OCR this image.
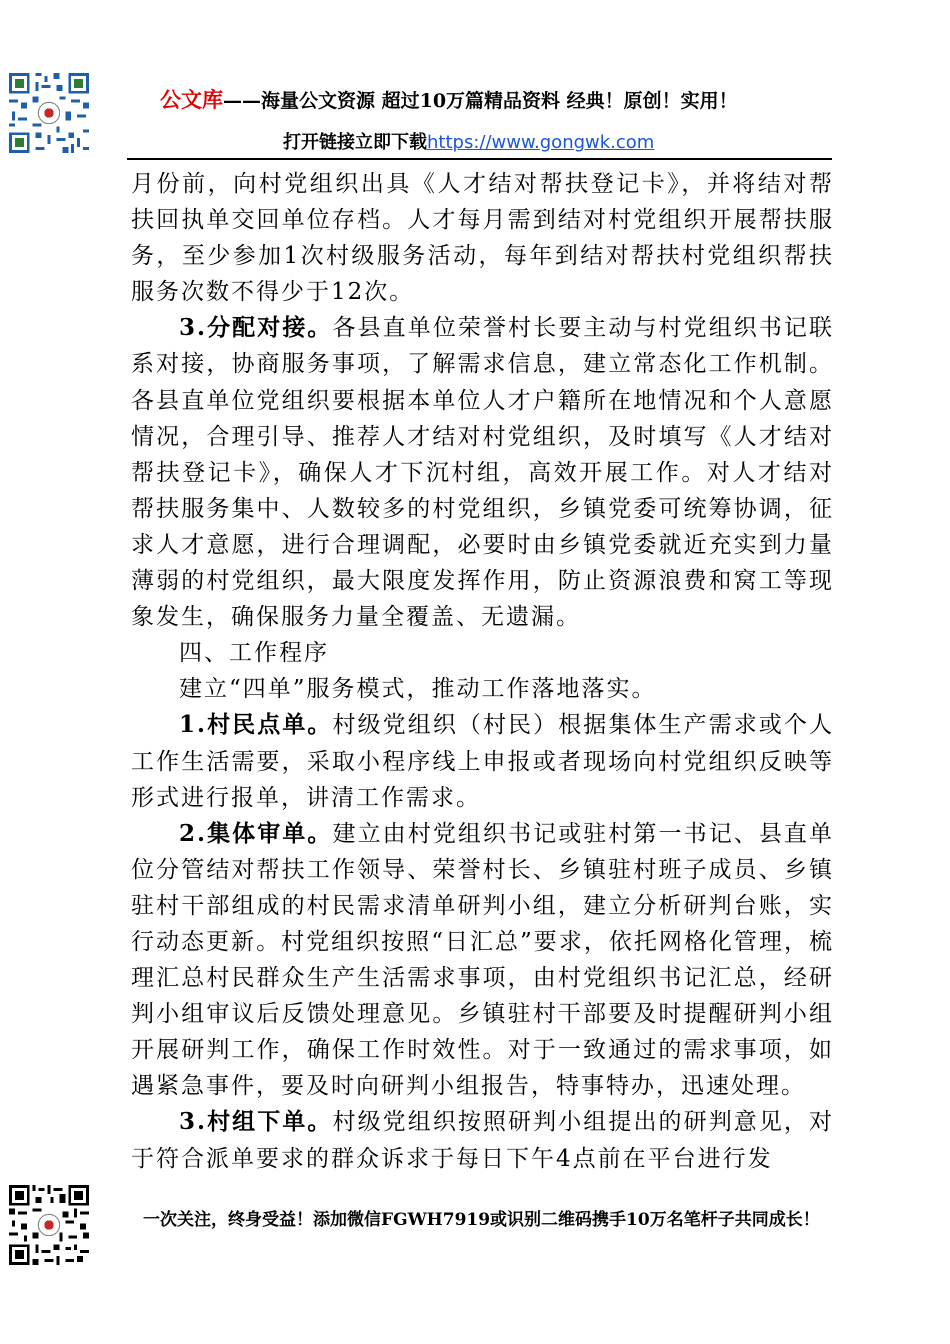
公文库——海量公文资源 超过10万篇精品资料 经典！原创！实用！
打开链接立即下载https://www.gongwk.com

月份前，向村党组织出具《人才结对帮扶登记卡》，并将结对帮扶回执单交回单位存档。人才每月需到结对村党组织开展帮扶服务，至少参加1次村级服务活动，每年到结对帮扶村党组织帮扶服务次数不得少于12次。

3.分配对接。各县直单位荣誉村长要主动与村党组织书记联系对接，协商服务事项，了解需求信息，建立常态化工作机制。各县直单位党组织要根据本单位人才户籍所在地情况和个人意愿情况，合理引导、推荐人才结对村党组织，及时填写《人才结对帮扶登记卡》，确保人才下沉村组，高效开展工作。对人才结对帮扶服务集中、人数较多的村党组织，乡镇党委可统筹协调，征求人才意愿，进行合理调配，必要时由乡镇党委就近充实到力量薄弱的村党组织，最大限度发挥作用，防止资源浪费和窝工等现象发生，确保服务力量全覆盖、无遗漏。

四、工作程序

建立“四单”服务模式，推动工作落地落实。

1.村民点单。村级党组织（村民）根据集体生产需求或个人工作生活需要，采取小程序线上申报或者现场向村党组织反映等形式进行报单，讲清工作需求。

2.集体审单。建立由村党组织书记或驻村第一书记、县直单位分管结对帮扶工作领导、荣誉村长、乡镇驻村班子成员、乡镇驻村干部组成的村民需求清单研判小组，建立分析研判台账，实行动态更新。村党组织按照“日汇总”要求，依托网格化管理，梳理汇总村民群众生产生活需求事项，由村党组织书记汇总，经研判小组审议后反馈处理意见。乡镇驻村干部要及时提醒研判小组开展研判工作，确保工作时效性。对于一致通过的需求事项，如遇紧急事件，要及时向研判小组报告，特事特办，迅速处理。

3.村组下单。村级党组织按照研判小组提出的研判意见，对于符合派单要求的群众诉求于每日下午4点前在平台进行发

一次关注，终身受益！添加微信FGWH7919或识别二维码携手10万名笔杆子共同成长！
